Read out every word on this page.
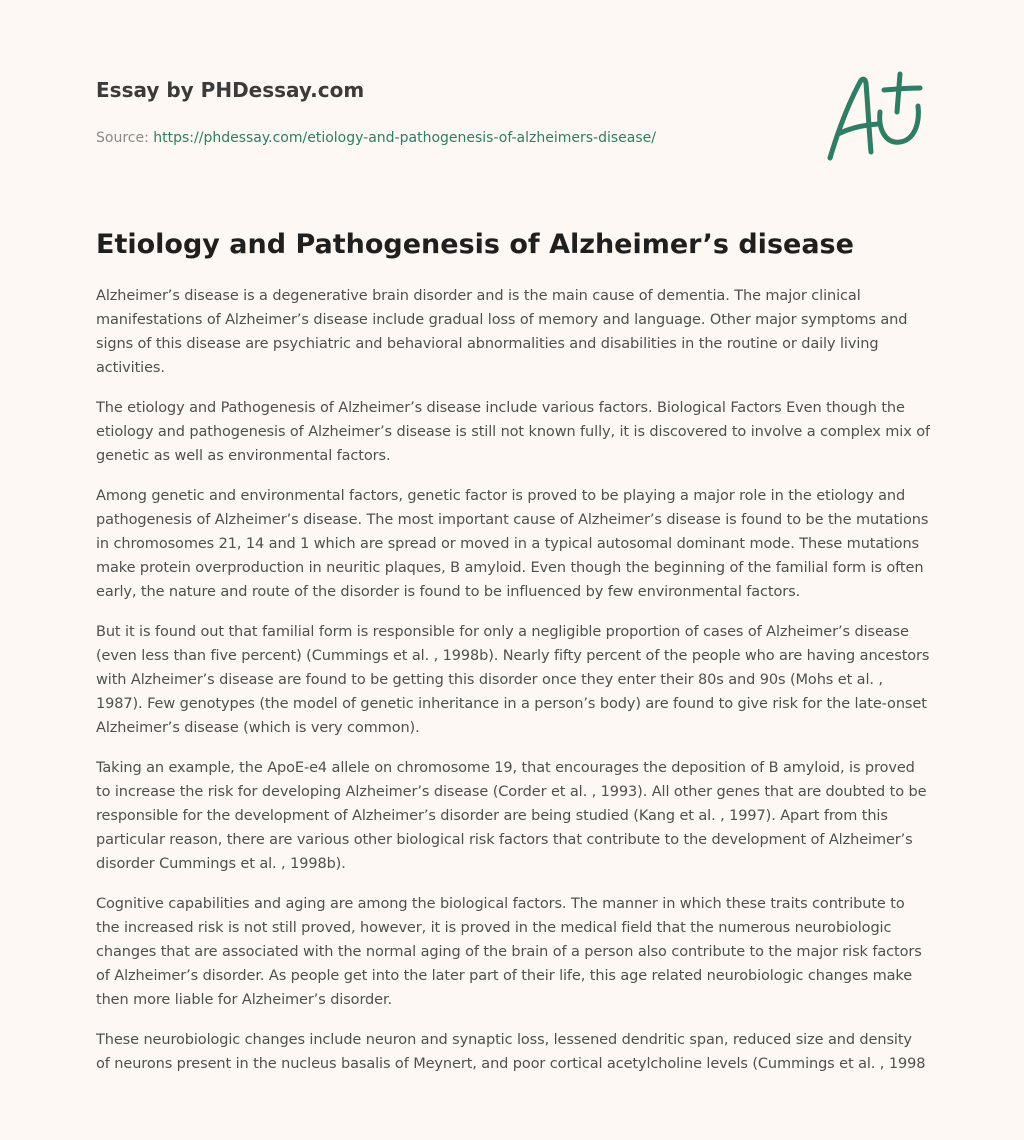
Essay by PHDessay.com
Source: https://phdessay.com/etiology-and-pathogenesis-of-alzheimers-disease/
Etiology and Pathogenesis of Alzheimer’s disease

Alzheimer’s disease is a degenerative brain disorder and is the main cause of dementia. The major clinical manifestations of Alzheimer’s disease include gradual loss of memory and language. Other major symptoms and signs of this disease are psychiatric and behavioral abnormalities and disabilities in the routine or daily living activities.

The etiology and Pathogenesis of Alzheimer’s disease include various factors. Biological Factors Even though the etiology and pathogenesis of Alzheimer’s disease is still not known fully, it is discovered to involve a complex mix of genetic as well as environmental factors.

Among genetic and environmental factors, genetic factor is proved to be playing a major role in the etiology and pathogenesis of Alzheimer’s disease. The most important cause of Alzheimer’s disease is found to be the mutations in chromosomes 21, 14 and 1 which are spread or moved in a typical autosomal dominant mode. These mutations make protein overproduction in neuritic plaques, B amyloid. Even though the beginning of the familial form is often early, the nature and route of the disorder is found to be influenced by few environmental factors.

But it is found out that familial form is responsible for only a negligible proportion of cases of Alzheimer’s disease (even less than five percent) (Cummings et al. , 1998b). Nearly fifty percent of the people who are having ancestors with Alzheimer’s disease are found to be getting this disorder once they enter their 80s and 90s (Mohs et al. , 1987). Few genotypes (the model of genetic inheritance in a person’s body) are found to give risk for the late-onset Alzheimer’s disease (which is very common).

Taking an example, the ApoE-e4 allele on chromosome 19, that encourages the deposition of B amyloid, is proved to increase the risk for developing Alzheimer’s disease (Corder et al. , 1993). All other genes that are doubted to be responsible for the development of Alzheimer’s disorder are being studied (Kang et al. , 1997). Apart from this particular reason, there are various other biological risk factors that contribute to the development of Alzheimer’s disorder Cummings et al. , 1998b).

Cognitive capabilities and aging are among the biological factors. The manner in which these traits contribute to the increased risk is not still proved, however, it is proved in the medical field that the numerous neurobiologic changes that are associated with the normal aging of the brain of a person also contribute to the major risk factors of Alzheimer’s disorder. As people get into the later part of their life, this age related neurobiologic changes make then more liable for Alzheimer’s disorder.

These neurobiologic changes include neuron and synaptic loss, lessened dendritic span, reduced size and density of neurons present in the nucleus basalis of Meynert, and poor cortical acetylcholine levels (Cummings et al. , 1998
